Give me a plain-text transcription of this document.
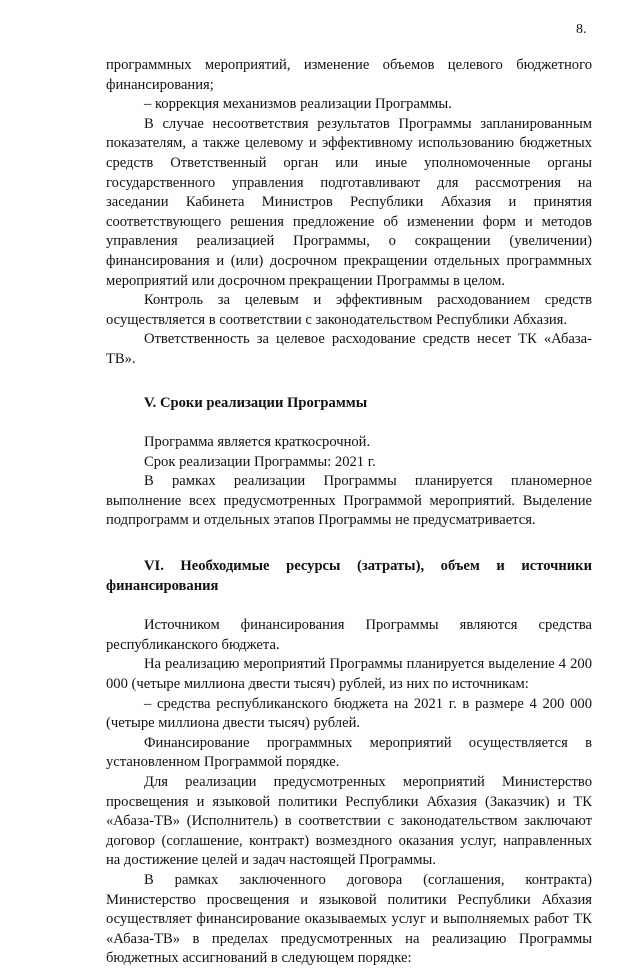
8.

программных мероприятий, изменение объемов целевого бюджетного финансирования;

– коррекция механизмов реализации Программы.

В случае несоответствия результатов Программы запланированным показателям, а также целевому и эффективному использованию бюджетных средств Ответственный орган или иные уполномоченные органы государственного управления подготавливают для рассмотрения на заседании Кабинета Министров Республики Абхазия и принятия соответствующего решения предложение об изменении форм и методов управления реализацией Программы, о сокращении (увеличении) финансирования и (или) досрочном прекращении отдельных программных мероприятий или досрочном прекращении Программы в целом.

Контроль за целевым и эффективным расходованием средств осуществляется в соответствии с законодательством Республики Абхазия.

Ответственность за целевое расходование средств несет ТК «Абаза-ТВ».

V. Сроки реализации Программы

Программа является краткосрочной.

Срок реализации Программы: 2021 г.

В рамках реализации Программы планируется планомерное выполнение всех предусмотренных Программой мероприятий. Выделение подпрограмм и отдельных этапов Программы не предусматривается.

VI. Необходимые ресурсы (затраты), объем и источники финансирования

Источником финансирования Программы являются средства республиканского бюджета.

На реализацию мероприятий Программы планируется выделение 4 200 000 (четыре миллиона двести тысяч) рублей, из них по источникам:

– средства республиканского бюджета на 2021 г. в размере 4 200 000 (четыре миллиона двести тысяч) рублей.

Финансирование программных мероприятий осуществляется в установленном Программой порядке.

Для реализации предусмотренных мероприятий Министерство просвещения и языковой политики Республики Абхазия (Заказчик) и ТК «Абаза-ТВ» (Исполнитель) в соответствии с законодательством заключают договор (соглашение, контракт) возмездного оказания услуг, направленных на достижение целей и задач настоящей Программы.

В рамках заключенного договора (соглашения, контракта) Министерство просвещения и языковой политики Республики Абхазия осуществляет финансирование оказываемых услуг и выполняемых работ ТК «Абаза-ТВ» в пределах предусмотренных на реализацию Программы бюджетных ассигнований в следующем порядке:
